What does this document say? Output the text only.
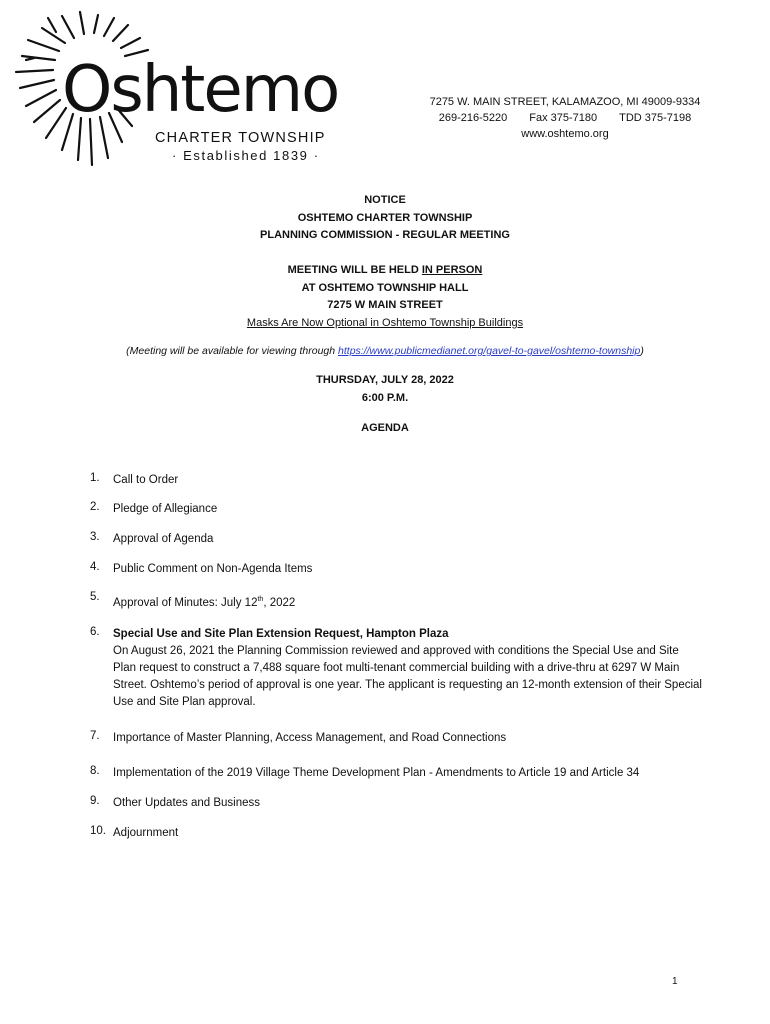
Oshtemo
CHARTER TOWNSHIP
· Established 1839 ·
7275 W. MAIN STREET, KALAMAZOO, MI 49009-9334
269-216-5220 Fax 375-7180 TDD 375-7198
www.oshtemo.org
NOTICE
OSHTEMO CHARTER TOWNSHIP
PLANNING COMMISSION - REGULAR MEETING
MEETING WILL BE HELD IN PERSON
AT OSHTEMO TOWNSHIP HALL
7275 W MAIN STREET
Masks Are Now Optional in Oshtemo Township Buildings
(Meeting will be available for viewing through https://www.publicmedianet.org/gavel-to-gavel/oshtemo-township)
THURSDAY, JULY 28, 2022
6:00 P.M.
AGENDA
1.	Call to Order
2.	Pledge of Allegiance
3.	Approval of Agenda
4.	Public Comment on Non-Agenda Items
5.	Approval of Minutes: July 12th, 2022
6.	Special Use and Site Plan Extension Request, Hampton Plaza
On August 26, 2021 the Planning Commission reviewed and approved with conditions the Special Use and Site Plan request to construct a 7,488 square foot multi-tenant commercial building with a drive-thru at 6297 W Main Street. Oshtemo’s period of approval is one year. The applicant is requesting an 12-month extension of their Special Use and Site Plan approval.
7.	Importance of Master Planning, Access Management, and Road Connections
8.	Implementation of the 2019 Village Theme Development Plan - Amendments to Article 19 and Article 34
9.	Other Updates and Business
10. Adjournment
1
